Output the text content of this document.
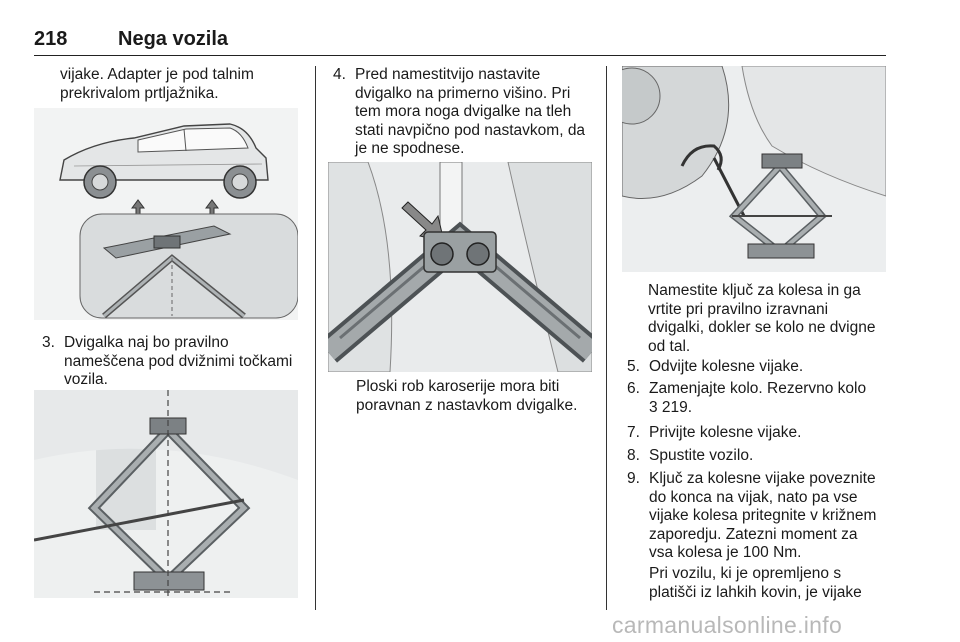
218	Nega vozila
vijake. Adapter je pod talnim
prekrivalom prtljažnika.
3. Dvigalka naj bo pravilno
nameščena pod dvižnimi točkami
vozila.
4. Pred namestitvijo nastavite
dvigalko na primerno višino. Pri
tem mora noga dvigalke na tleh
stati navpično pod nastavkom, da
je ne spodnese.
Ploski rob karoserije mora biti
poravnan z nastavkom dvigalke.
Namestite ključ za kolesa in ga
vrtite pri pravilno izravnani
dvigalki, dokler se kolo ne dvigne
od tal.
5. Odvijte kolesne vijake.
6. Zamenjajte kolo. Rezervno kolo
3 219.
7. Privijte kolesne vijake.
8. Spustite vozilo.
9. Ključ za kolesne vijake poveznite
do konca na vijak, nato pa vse
vijake kolesa pritegnite v križnem
zaporedju. Zatezni moment za
vsa kolesa je 100 Nm.
Pri vozilu, ki je opremljeno s
platišči iz lahkih kovin, je vijake
carmanualsonline.info
